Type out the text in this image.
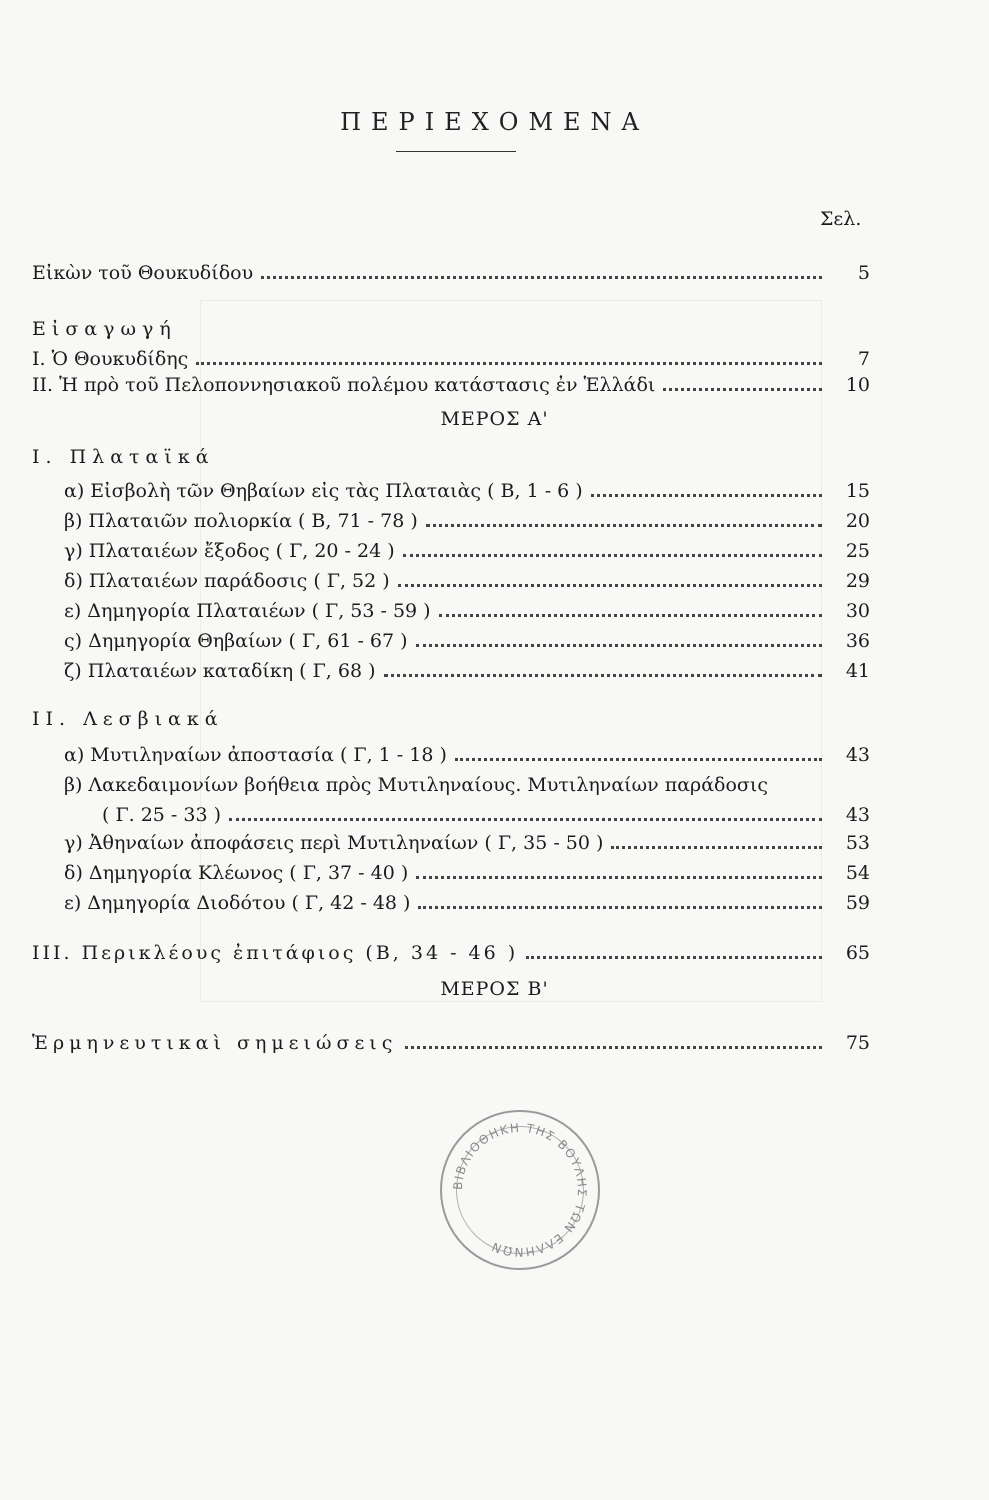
ΠΕΡΙΕΧΟΜΕΝΑ
Σελ.
Εἰκὼν τοῦ Θουκυδίδου	5
Εἰσαγωγή
I. Ὁ Θουκυδίδης	7
II. Ἡ πρὸ τοῦ Πελοποννησιακοῦ πολέμου κατάστασις ἐν Ἑλλάδι	10
ΜΕΡΟΣ Α'
I. Πλαταϊκά
α) Εἰσβολὴ τῶν Θηβαίων εἰς τὰς Πλαταιὰς ( Β, 1 - 6 )	15
β) Πλαταιῶν πολιορκία ( Β, 71 - 78 )	20
γ) Πλαταιέων ἔξοδος ( Γ, 20 - 24 )	25
δ) Πλαταιέων παράδοσις ( Γ, 52 )	29
ε) Δημηγορία Πλαταιέων ( Γ, 53 - 59 )	30
ς) Δημηγορία Θηβαίων ( Γ, 61 - 67 )	36
ζ) Πλαταιέων καταδίκη ( Γ, 68 )	41
II. Λεσβιακά
α) Μυτιληναίων ἀποστασία ( Γ, 1 - 18 )	43
β) Λακεδαιμονίων βοήθεια πρὸς Μυτιληναίους. Μυτιληναίων παράδοσις
( Γ. 25 - 33 )	43
γ) Ἀθηναίων ἀποφάσεις περὶ Μυτιληναίων ( Γ, 35 - 50 )	53
δ) Δημηγορία Κλέωνος ( Γ, 37 - 40 )	54
ε) Δημηγορία Διοδότου ( Γ, 42 - 48 )	59
III. Περικλέους ἐπιτάφιος (Β, 34 - 46 )	65
ΜΕΡΟΣ Β'
Ἑρμηνευτικαὶ σημειώσεις	75
ΒΙΒΛΙΟΘΗΚΗ ΤΗΣ ΒΟΥΛΗΣ ΤΩΝ ΕΛΛΗΝΩΝ
